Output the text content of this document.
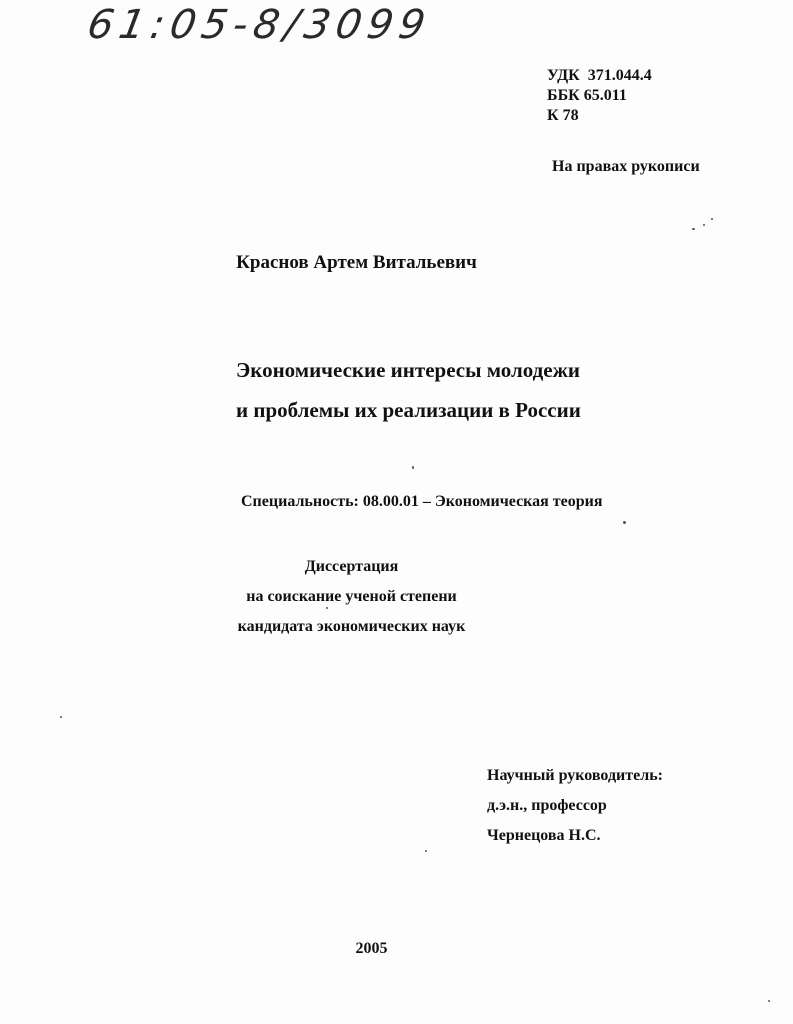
61:05-8/3099
УДК  371.044.4
ББК 65.011
К 78
На правах рукописи
Краснов Артем Витальевич
Экономические интересы молодежи
и проблемы их реализации в России
Специальность: 08.00.01 – Экономическая теория
Диссертация
на соискание ученой степени
кандидата экономических наук
Научный руководитель:
д.э.н., профессор
Чернецова Н.С.
2005
